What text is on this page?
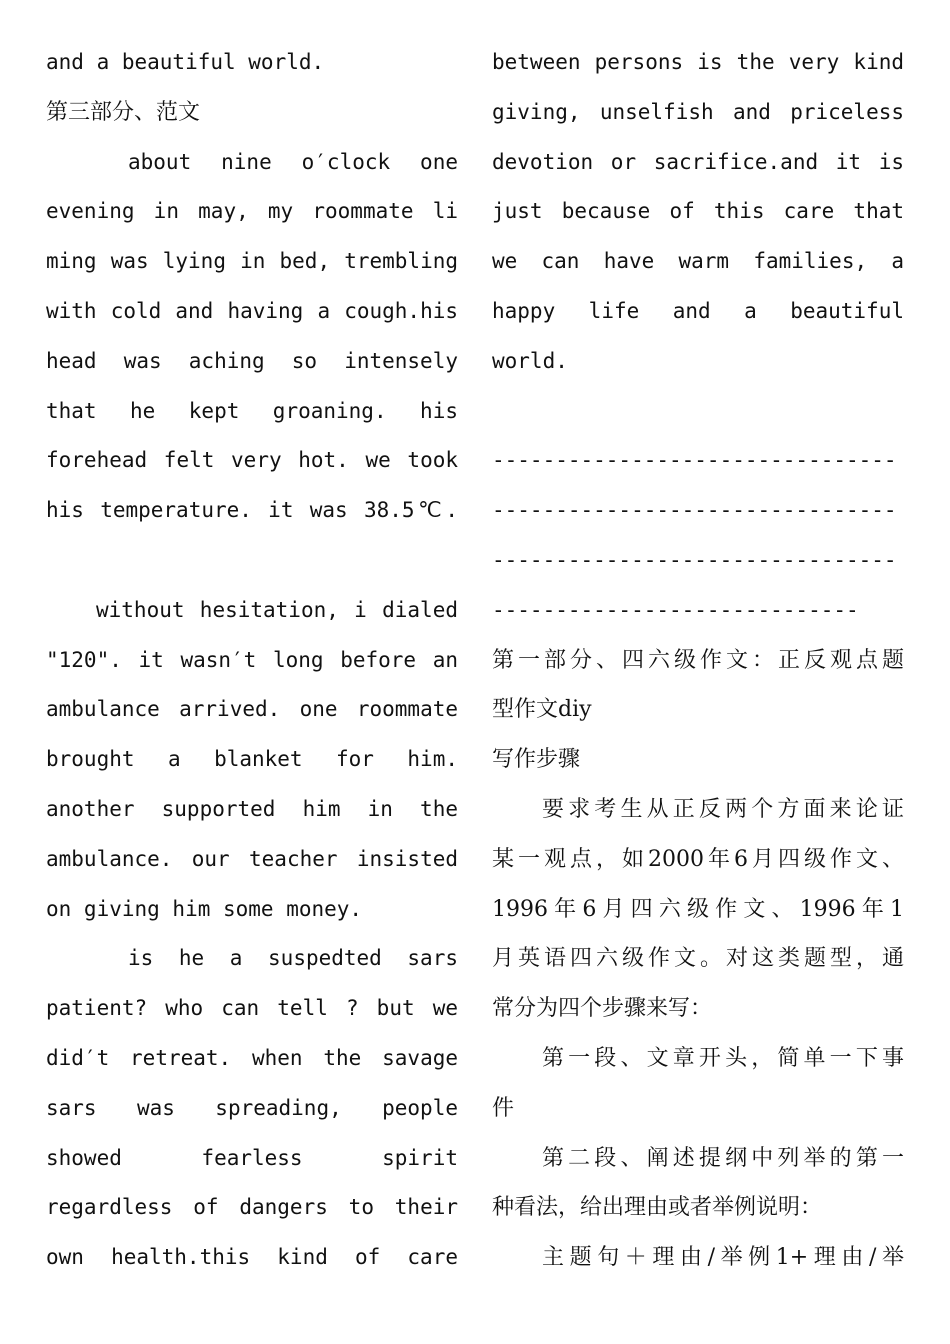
and a beautiful world.
第三部分、范文
about nine o′clock one
evening in may, my roommate li
ming was lying in bed, trembling
with cold and having a cough.his
head was aching so intensely
that he kept groaning. his
forehead felt very hot. we took
his temperature. it was 38.5℃.

without hesitation, i dialed
"120". it wasn′t long before an
ambulance arrived. one roommate
brought a blanket for him.
another supported him in the
ambulance. our teacher insisted
on giving him some money.
is he a suspedted sars
patient? who can tell ? but we
did′t retreat. when the savage
sars was spreading, people
showed fearless spirit
regardless of dangers to their
own health.this kind of care
between persons is the very kind
giving, unselfish and priceless
devotion or sacrifice.and it is
just because of this care that
we can have warm families, a
happy life and a beautiful
world.

--------------------------------
--------------------------------
--------------------------------
-----------------------------
第一部分、四六级作文：正反观点题
型作文diy
写作步骤
要求考生从正反两个方面来论证
某一观点，如2000年6月四级作文、
1996年6月四六级作文、1996年1
月英语四六级作文。对这类题型，通
常分为四个步骤来写：
第一段、文章开头，简单一下事
件
第二段、阐述提纲中列举的第一
种看法，给出理由或者举例说明：
主题句＋理由/举例1+理由/举
